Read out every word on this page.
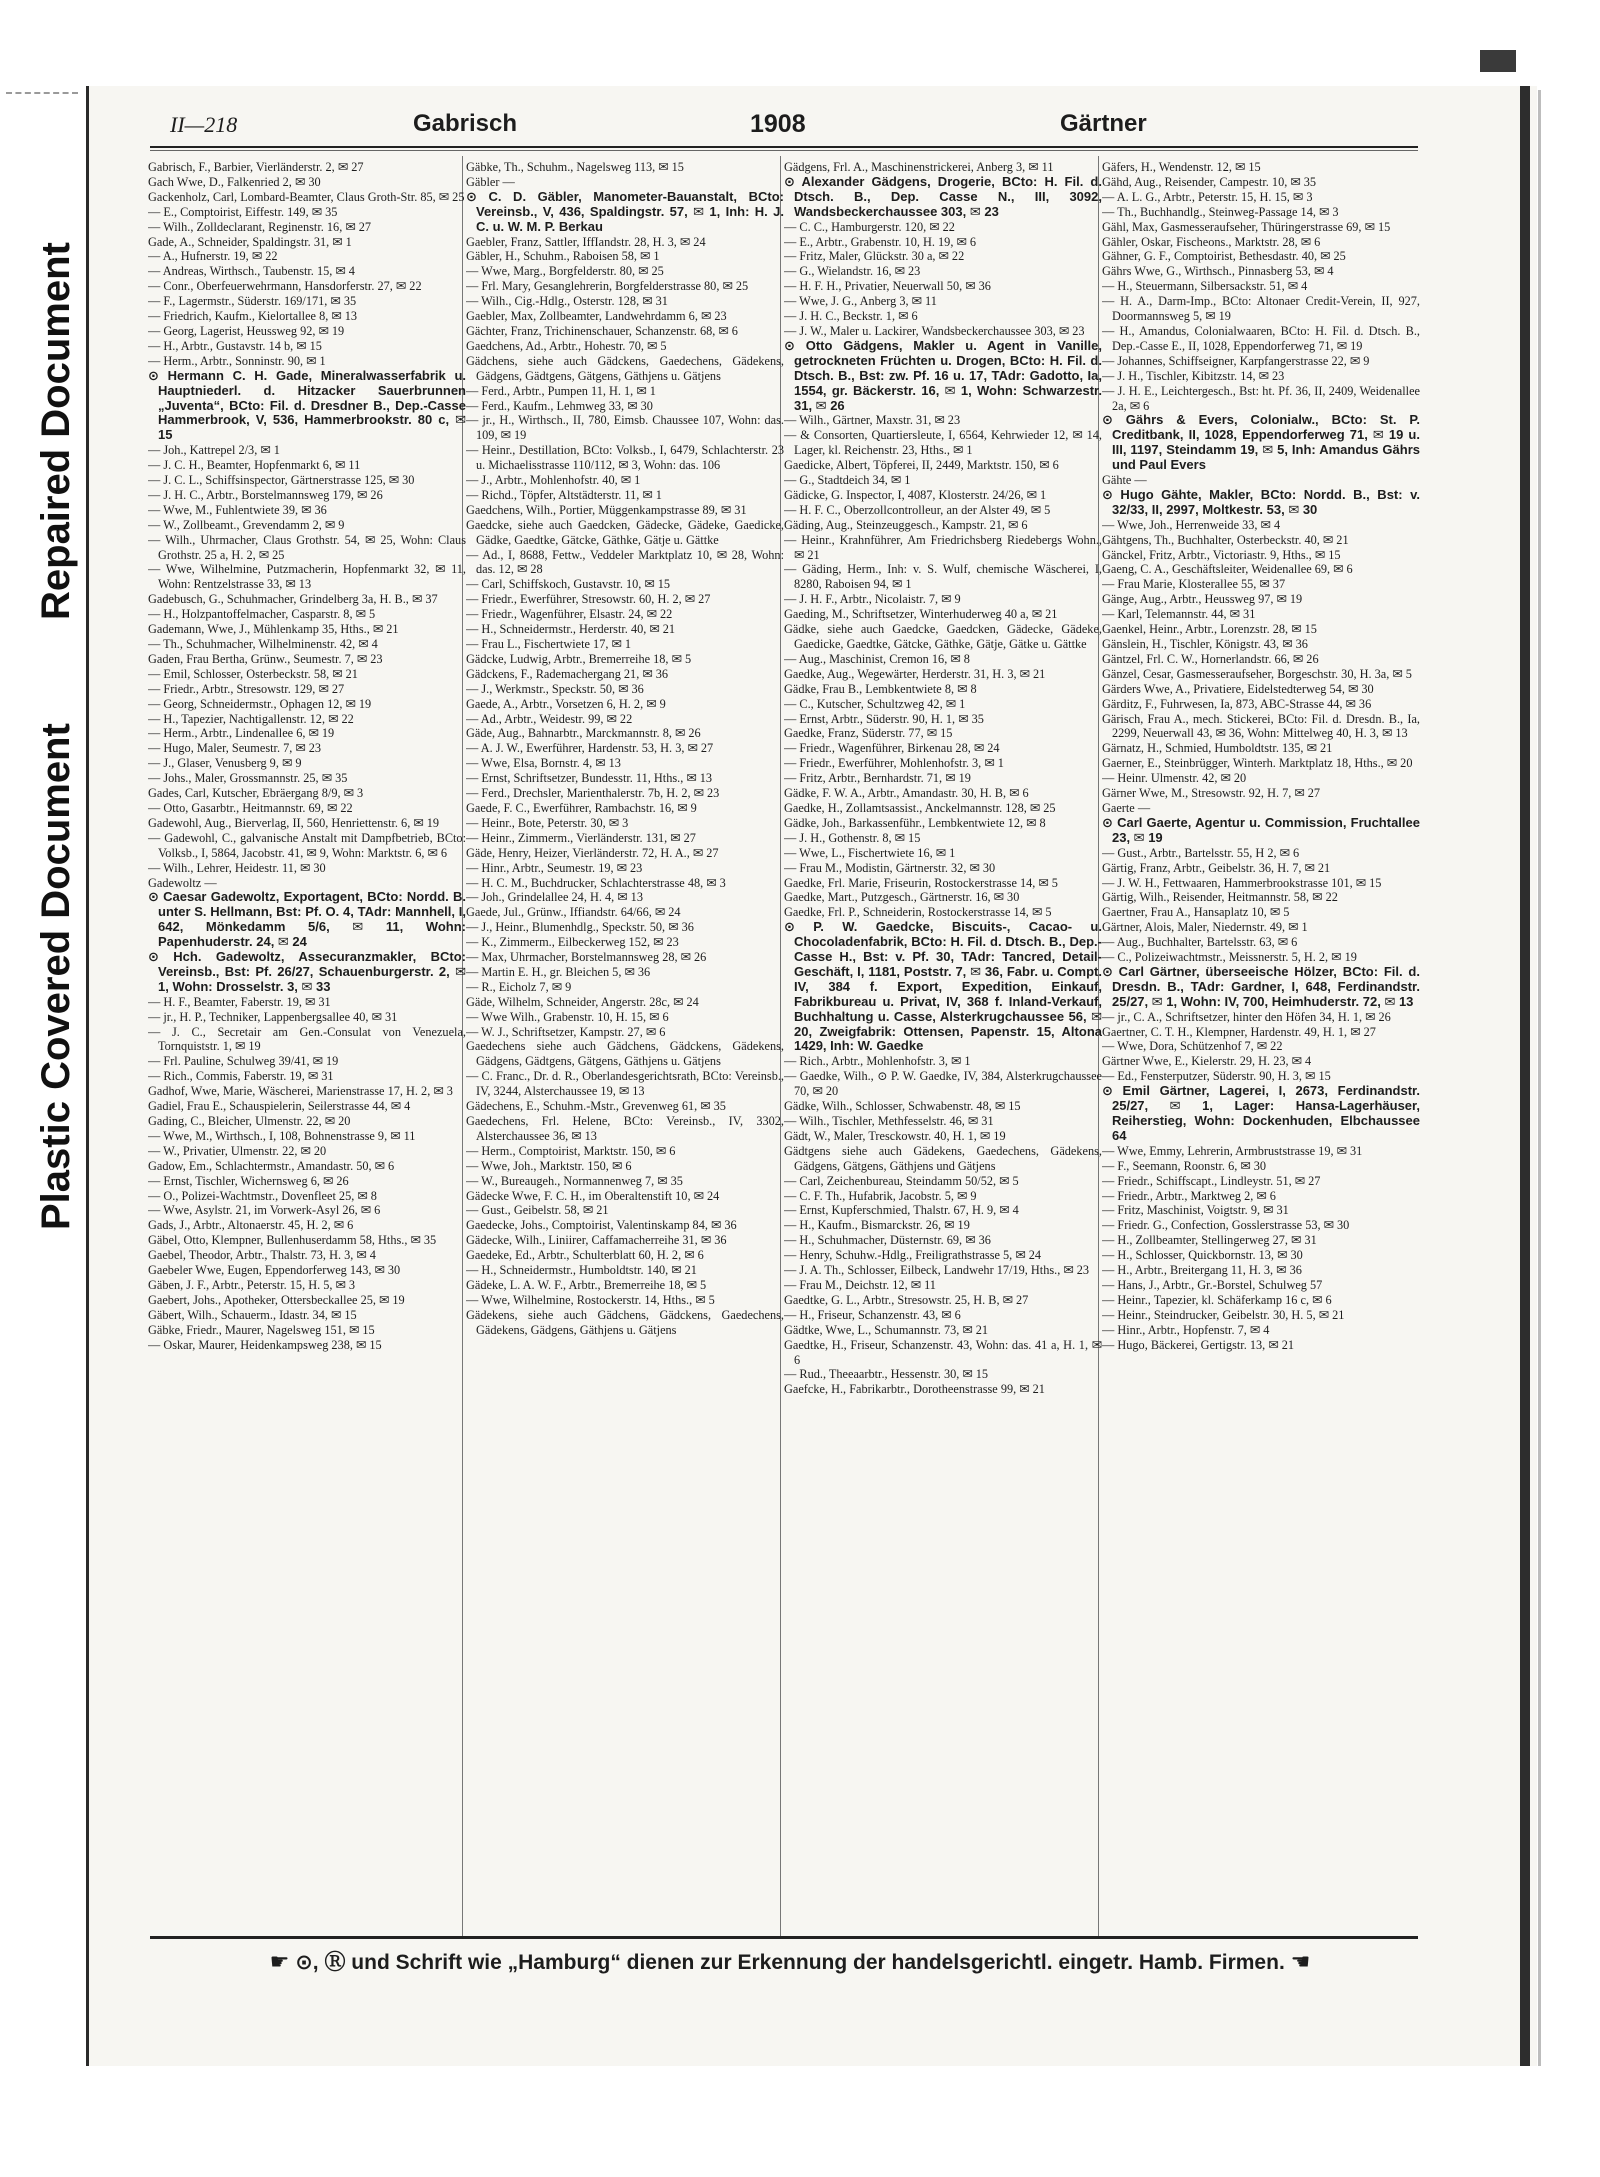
Repaired Document
Plastic Covered Document
II—218	Gabrisch	1908	Gärtner

Gabrisch, F., Barbier, Vierländerstr. 2, ✉ 27

Gach Wwe, D., Falkenried 2, ✉ 30

Gackenholz, Carl, Lombard-Beamter, Claus Groth-Str. 85, ✉ 25

— E., Comptoirist, Eiffestr. 149, ✉ 35

— Wilh., Zolldeclarant, Reginenstr. 16, ✉ 27

Gade, A., Schneider, Spaldingstr. 31, ✉ 1

— A., Hufnerstr. 19, ✉ 22

— Andreas, Wirthsch., Taubenstr. 15, ✉ 4

— Conr., Oberfeuerwehrmann, Hansdorferstr. 27, ✉ 22

— F., Lagermstr., Süderstr. 169/171, ✉ 35

— Friedrich, Kaufm., Kielortallee 8, ✉ 13

— Georg, Lagerist, Heussweg 92, ✉ 19

— H., Arbtr., Gustavstr. 14 b, ✉ 15

— Herm., Arbtr., Sonninstr. 90, ✉ 1

⊙ Hermann C. H. Gade, Mineralwasserfabrik u. Hauptniederl. d. Hitzacker Sauerbrunnen „Juventa“, BCto: Fil. d. Dresdner B., Dep.-Casse Hammerbrook, V, 536, Hammerbrookstr. 80 c, ✉ 15

— Joh., Kattrepel 2/3, ✉ 1

— J. C. H., Beamter, Hopfenmarkt 6, ✉ 11

— J. C. L., Schiffsinspector, Gärtnerstrasse 125, ✉ 30

— J. H. C., Arbtr., Borstelmannsweg 179, ✉ 26

— Wwe, M., Fuhlentwiete 39, ✉ 36

— W., Zollbeamt., Grevendamm 2, ✉ 9

— Wilh., Uhrmacher, Claus Grothstr. 54, ✉ 25, Wohn: Claus Grothstr. 25 a, H. 2, ✉ 25

— Wwe, Wilhelmine, Putzmacherin, Hopfenmarkt 32, ✉ 11, Wohn: Rentzelstrasse 33, ✉ 13

Gadebusch, G., Schuhmacher, Grindelberg 3a, H. B., ✉ 37

— H., Holzpantoffelmacher, Casparstr. 8, ✉ 5

Gademann, Wwe, J., Mühlenkamp 35, Hths., ✉ 21

— Th., Schuhmacher, Wilhelminenstr. 42, ✉ 4

Gaden, Frau Bertha, Grünw., Seumestr. 7, ✉ 23

— Emil, Schlosser, Osterbeckstr. 58, ✉ 21

— Friedr., Arbtr., Stresowstr. 129, ✉ 27

— Georg, Schneidermstr., Ophagen 12, ✉ 19

— H., Tapezier, Nachtigallenstr. 12, ✉ 22

— Herm., Arbtr., Lindenallee 6, ✉ 19

— Hugo, Maler, Seumestr. 7, ✉ 23

— J., Glaser, Venusberg 9, ✉ 9

— Johs., Maler, Grossmannstr. 25, ✉ 35

Gades, Carl, Kutscher, Ebräergang 8/9, ✉ 3

— Otto, Gasarbtr., Heitmannstr. 69, ✉ 22

Gadewohl, Aug., Bierverlag, II, 560, Henriettenstr. 6, ✉ 19

— Gadewohl, C., galvanische Anstalt mit Dampfbetrieb, BCto: Volksb., I, 5864, Jacobstr. 41, ✉ 9, Wohn: Marktstr. 6, ✉ 6

— Wilh., Lehrer, Heidestr. 11, ✉ 30

Gadewoltz —

⊙ Caesar Gadewoltz, Exportagent, BCto: Nordd. B. unter S. Hellmann, Bst: Pf. O. 4, TAdr: Mannhell, I, 642, Mönkedamm 5/6, ✉ 11, Wohn: Papenhuderstr. 24, ✉ 24

⊙ Hch. Gadewoltz, Assecuranzmakler, BCto: Vereinsb., Bst: Pf. 26/27, Schauenburgerstr. 2, ✉ 1, Wohn: Drosselstr. 3, ✉ 33

— H. F., Beamter, Faberstr. 19, ✉ 31

— jr., H. P., Techniker, Lappenbergsallee 40, ✉ 31

— J. C., Secretair am Gen.-Consulat von Venezuela, Tornquiststr. 1, ✉ 19

— Frl. Pauline, Schulweg 39/41, ✉ 19

— Rich., Commis, Faberstr. 19, ✉ 31

Gadhof, Wwe, Marie, Wäscherei, Marienstrasse 17, H. 2, ✉ 3

Gadiel, Frau E., Schauspielerin, Seilerstrasse 44, ✉ 4

Gading, C., Bleicher, Ulmenstr. 22, ✉ 20

— Wwe, M., Wirthsch., I, 108, Bohnenstrasse 9, ✉ 11

— W., Privatier, Ulmenstr. 22, ✉ 20

Gadow, Em., Schlachtermstr., Amandastr. 50, ✉ 6

— Ernst, Tischler, Wichernsweg 6, ✉ 26

— O., Polizei-Wachtmstr., Dovenfleet 25, ✉ 8

— Wwe, Asylstr. 21, im Vorwerk-Asyl 26, ✉ 6

Gads, J., Arbtr., Altonaerstr. 45, H. 2, ✉ 6

Gäbel, Otto, Klempner, Bullenhuserdamm 58, Hths., ✉ 35

Gaebel, Theodor, Arbtr., Thalstr. 73, H. 3, ✉ 4

Gaebeler Wwe, Eugen, Eppendorferweg 143, ✉ 30

Gäben, J. F., Arbtr., Peterstr. 15, H. 5, ✉ 3

Gaebert, Johs., Apotheker, Ottersbeckallee 25, ✉ 19

Gäbert, Wilh., Schauerm., Idastr. 34, ✉ 15

Gäbke, Friedr., Maurer, Nagelsweg 151, ✉ 15

— Oskar, Maurer, Heidenkampsweg 238, ✉ 15

Gäbke, Th., Schuhm., Nagelsweg 113, ✉ 15

Gäbler —

⊙ C. D. Gäbler, Manometer-Bauanstalt, BCto: Vereinsb., V, 436, Spaldingstr. 57, ✉ 1, Inh: H. J. C. u. W. M. P. Berkau

Gaebler, Franz, Sattler, IffIandstr. 28, H. 3, ✉ 24

Gäbler, H., Schuhm., Raboisen 58, ✉ 1

— Wwe, Marg., Borgfelderstr. 80, ✉ 25

— Frl. Mary, Gesanglehrerin, Borgfelderstrasse 80, ✉ 25

— Wilh., Cig.-Hdlg., Osterstr. 128, ✉ 31

Gaebler, Max, Zollbeamter, Landwehrdamm 6, ✉ 23

Gächter, Franz, Trichinenschauer, Schanzenstr. 68, ✉ 6

Gaedchens, Ad., Arbtr., Hohestr. 70, ✉ 5

Gädchens, siehe auch Gädckens, Gaedechens, Gädekens, Gädgens, Gädtgens, Gätgens, Gäthjens u. Gätjens

— Ferd., Arbtr., Pumpen 11, H. 1, ✉ 1

— Ferd., Kaufm., Lehmweg 33, ✉ 30

— jr., H., Wirthsch., II, 780, Eimsb. Chaussee 107, Wohn: das. 109, ✉ 19

— Heinr., Destillation, BCto: Volksb., I, 6479, Schlachterstr. 23 u. Michaelisstrasse 110/112, ✉ 3, Wohn: das. 106

— J., Arbtr., Mohlenhofstr. 40, ✉ 1

— Richd., Töpfer, Altstädterstr. 11, ✉ 1

Gaedchens, Wilh., Portier, Müggenkampstrasse 89, ✉ 31

Gaedcke, siehe auch Gaedcken, Gädecke, Gädeke, Gaedicke, Gädke, Gaedtke, Gätcke, Gäthke, Gätje u. Gättke

— Ad., I, 8688, Fettw., Veddeler Marktplatz 10, ✉ 28, Wohn: das. 12, ✉ 28

— Carl, Schiffskoch, Gustavstr. 10, ✉ 15

— Friedr., Ewerführer, Stresowstr. 60, H. 2, ✉ 27

— Friedr., Wagenführer, Elsastr. 24, ✉ 22

— H., Schneidermstr., Herderstr. 40, ✉ 21

— Frau L., Fischertwiete 17, ✉ 1

Gädcke, Ludwig, Arbtr., Bremerreihe 18, ✉ 5

Gädckens, F., Rademachergang 21, ✉ 36

— J., Werkmstr., Speckstr. 50, ✉ 36

Gaede, A., Arbtr., Vorsetzen 6, H. 2, ✉ 9

— Ad., Arbtr., Weidestr. 99, ✉ 22

Gäde, Aug., Bahnarbtr., Marckmannstr. 8, ✉ 26

— A. J. W., Ewerführer, Hardenstr. 53, H. 3, ✉ 27

— Wwe, Elsa, Bornstr. 4, ✉ 13

— Ernst, Schriftsetzer, Bundesstr. 11, Hths., ✉ 13

— Ferd., Drechsler, Marienthalerstr. 7b, H. 2, ✉ 23

Gaede, F. C., Ewerführer, Rambachstr. 16, ✉ 9

— Heinr., Bote, Peterstr. 30, ✉ 3

— Heinr., Zimmerm., Vierländerstr. 131, ✉ 27

Gäde, Henry, Heizer, Vierländerstr. 72, H. A., ✉ 27

— Hinr., Arbtr., Seumestr. 19, ✉ 23

— H. C. M., Buchdrucker, Schlachterstrasse 48, ✉ 3

— Joh., Grindelallee 24, H. 4, ✉ 13

Gaede, Jul., Grünw., Iffiandstr. 64/66, ✉ 24

— J., Heinr., Blumenhdlg., Speckstr. 50, ✉ 36

— K., Zimmerm., Eilbeckerweg 152, ✉ 23

— Max, Uhrmacher, Borstelmannsweg 28, ✉ 26

— Martin E. H., gr. Bleichen 5, ✉ 36

— R., Eicholz 7, ✉ 9

Gäde, Wilhelm, Schneider, Angerstr. 28c, ✉ 24

— Wwe Wilh., Grabenstr. 10, H. 15, ✉ 6

— W. J., Schriftsetzer, Kampstr. 27, ✉ 6

Gaedechens siehe auch Gädchens, Gädckens, Gädekens, Gädgens, Gädtgens, Gätgens, Gäthjens u. Gätjens

— C. Franc., Dr. d. R., Oberlandesgerichtsrath, BCto: Vereinsb., IV, 3244, Alsterchaussee 19, ✉ 13

Gädechens, E., Schuhm.-Mstr., Grevenweg 61, ✉ 35

Gaedechens, Frl. Helene, BCto: Vereinsb., IV, 3302, Alsterchaussee 36, ✉ 13

— Herm., Comptoirist, Marktstr. 150, ✉ 6

— Wwe, Joh., Marktstr. 150, ✉ 6

— W., Bureaugeh., Normannenweg 7, ✉ 35

Gädecke Wwe, F. C. H., im Oberaltenstift 10, ✉ 24

— Gust., Geibelstr. 58, ✉ 21

Gaedecke, Johs., Comptoirist, Valentinskamp 84, ✉ 36

Gädecke, Wilh., Liniirer, Caffamacherreihe 31, ✉ 36

Gaedeke, Ed., Arbtr., Schulterblatt 60, H. 2, ✉ 6

— H., Schneidermstr., Humboldtstr. 140, ✉ 21

Gädeke, L. A. W. F., Arbtr., Bremerreihe 18, ✉ 5

— Wwe, Wilhelmine, Rostockerstr. 14, Hths., ✉ 5

Gädekens, siehe auch Gädchens, Gädckens, Gaedechens, Gädekens, Gädgens, Gäthjens u. Gätjens

Gädgens, Frl. A., Maschinenstrickerei, Anberg 3, ✉ 11

⊙ Alexander Gädgens, Drogerie, BCto: H. Fil. d. Dtsch. B., Dep. Casse N., III, 3092, Wandsbeckerchaussee 303, ✉ 23

— C. C., Hamburgerstr. 120, ✉ 22

— E., Arbtr., Grabenstr. 10, H. 19, ✉ 6

— Fritz, Maler, Glückstr. 30 a, ✉ 22

— G., Wielandstr. 16, ✉ 23

— H. F. H., Privatier, Neuerwall 50, ✉ 36

— Wwe, J. G., Anberg 3, ✉ 11

— J. H. C., Beckstr. 1, ✉ 6

— J. W., Maler u. Lackirer, Wandsbeckerchaussee 303, ✉ 23

⊙ Otto Gädgens, Makler u. Agent in Vanille, getrockneten Früchten u. Drogen, BCto: H. Fil. d. Dtsch. B., Bst: zw. Pf. 16 u. 17, TAdr: Gadotto, Ia, 1554, gr. Bäckerstr. 16, ✉ 1, Wohn: Schwarzestr. 31, ✉ 26

— Wilh., Gärtner, Maxstr. 31, ✉ 23

— & Consorten, Quartiersleute, I, 6564, Kehrwieder 12, ✉ 14, Lager, kl. Reichenstr. 23, Hths., ✉ 1

Gaedicke, Albert, Töpferei, II, 2449, Marktstr. 150, ✉ 6

— G., Stadtdeich 34, ✉ 1

Gädicke, G. Inspector, I, 4087, Klosterstr. 24/26, ✉ 1

— H. F. C., Oberzollcontrolleur, an der Alster 49, ✉ 5

Gäding, Aug., Steinzeuggesch., Kampstr. 21, ✉ 6

— Heinr., Krahnführer, Am Friedrichsberg Riedebergs Wohn., ✉ 21

— Gäding, Herm., Inh: v. S. Wulf, chemische Wäscherei, I, 8280, Raboisen 94, ✉ 1

— J. H. F., Arbtr., Nicolaistr. 7, ✉ 9

Gaeding, M., Schriftsetzer, Winterhuderweg 40 a, ✉ 21

Gädke, siehe auch Gaedcke, Gaedcken, Gädecke, Gädeke, Gaedicke, Gaedtke, Gätcke, Gäthke, Gätje, Gätke u. Gättke

— Aug., Maschinist, Cremon 16, ✉ 8

Gaedke, Aug., Wegewärter, Herderstr. 31, H. 3, ✉ 21

Gädke, Frau B., Lembkentwiete 8, ✉ 8

— C., Kutscher, Schultzweg 42, ✉ 1

— Ernst, Arbtr., Süderstr. 90, H. 1, ✉ 35

Gaedke, Franz, Süderstr. 77, ✉ 15

— Friedr., Wagenführer, Birkenau 28, ✉ 24

— Friedr., Ewerführer, Mohlenhofstr. 3, ✉ 1

— Fritz, Arbtr., Bernhardstr. 71, ✉ 19

Gädke, F. W. A., Arbtr., Amandastr. 30, H. B, ✉ 6

Gaedke, H., Zollamtsassist., Anckelmannstr. 128, ✉ 25

Gädke, Joh., Barkassenführ., Lembkentwiete 12, ✉ 8

— J. H., Gothenstr. 8, ✉ 15

— Wwe, L., Fischertwiete 16, ✉ 1

— Frau M., Modistin, Gärtnerstr. 32, ✉ 30

Gaedke, Frl. Marie, Friseurin, Rostockerstrasse 14, ✉ 5

Gaedke, Mart., Putzgesch., Gärtnerstr. 16, ✉ 30

Gaedke, Frl. P., Schneiderin, Rostockerstrasse 14, ✉ 5

⊙ P. W. Gaedcke, Biscuits-, Cacao- u. Chocoladenfabrik, BCto: H. Fil. d. Dtsch. B., Dep.-Casse H., Bst: v. Pf. 30, TAdr: Tancred, Detail-Geschäft, I, 1181, Poststr. 7, ✉ 36, Fabr. u. Compt. IV, 384 f. Export, Expedition, Einkauf, Fabrikbureau u. Privat, IV, 368 f. Inland-Verkauf, Buchhaltung u. Casse, Alsterkrugchaussee 56, ✉ 20, Zweigfabrik: Ottensen, Papenstr. 15, Altona 1429, Inh: W. Gaedke

— Rich., Arbtr., Mohlenhofstr. 3, ✉ 1

— Gaedke, Wilh., ⊙ P. W. Gaedke, IV, 384, Alsterkrugchaussee 70, ✉ 20

Gädke, Wilh., Schlosser, Schwabenstr. 48, ✉ 15

— Wilh., Tischler, Methfesselstr. 46, ✉ 31

Gädt, W., Maler, Tresckowstr. 40, H. 1, ✉ 19

Gädtgens siehe auch Gädekens, Gaedechens, Gädekens, Gädgens, Gätgens, Gäthjens und Gätjens

— Carl, Zeichenbureau, Steindamm 50/52, ✉ 5

— C. F. Th., Hufabrik, Jacobstr. 5, ✉ 9

— Ernst, Kupferschmied, Thalstr. 67, H. 9, ✉ 4

— H., Kaufm., Bismarckstr. 26, ✉ 19

— H., Schuhmacher, Düsternstr. 69, ✉ 36

— Henry, Schuhw.-Hdlg., Freiligrathstrasse 5, ✉ 24

— J. A. Th., Schlosser, Eilbeck, Landwehr 17/19, Hths., ✉ 23

— Frau M., Deichstr. 12, ✉ 11

Gaedtke, G. L., Arbtr., Stresowstr. 25, H. B, ✉ 27

— H., Friseur, Schanzenstr. 43, ✉ 6

Gädtke, Wwe, L., Schumannstr. 73, ✉ 21

Gaedtke, H., Friseur, Schanzenstr. 43, Wohn: das. 41 a, H. 1, ✉ 6

— Rud., Theeaarbtr., Hessenstr. 30, ✉ 15

Gaefcke, H., Fabrikarbtr., Dorotheenstrasse 99, ✉ 21

Gäfers, H., Wendenstr. 12, ✉ 15

Gähd, Aug., Reisender, Campestr. 10, ✉ 35

— A. L. G., Arbtr., Peterstr. 15, H. 15, ✉ 3

— Th., Buchhandlg., Steinweg-Passage 14, ✉ 3

Gähl, Max, Gasmesseraufseher, Thüringerstrasse 69, ✉ 15

Gähler, Oskar, Fischeons., Marktstr. 28, ✉ 6

Gähner, G. F., Comptoirist, Bethesdastr. 40, ✉ 25

Gährs Wwe, G., Wirthsch., Pinnasberg 53, ✉ 4

— H., Steuermann, Silbersackstr. 51, ✉ 4

— H. A., Darm-Imp., BCto: Altonaer Credit-Verein, II, 927, Doormannsweg 5, ✉ 19

— H., Amandus, Colonialwaaren, BCto: H. Fil. d. Dtsch. B., Dep.-Casse E., II, 1028, Eppendorferweg 71, ✉ 19

— Johannes, Schiffseigner, Karpfangerstrasse 22, ✉ 9

— J. H., Tischler, Kibitzstr. 14, ✉ 23

— J. H. E., Leichtergesch., Bst: ht. Pf. 36, II, 2409, Weidenallee 2a, ✉ 6

⊙ Gährs & Evers, Colonialw., BCto: St. P. Creditbank, II, 1028, Eppendorferweg 71, ✉ 19 u. III, 1197, Steindamm 19, ✉ 5, Inh: Amandus Gährs und Paul Evers

Gähte —

⊙ Hugo Gähte, Makler, BCto: Nordd. B., Bst: v. 32/33, II, 2997, Moltkestr. 53, ✉ 30

— Wwe, Joh., Herrenweide 33, ✉ 4

Gähtgens, Th., Buchhalter, Osterbeckstr. 40, ✉ 21

Gänckel, Fritz, Arbtr., Victoriastr. 9, Hths., ✉ 15

Gaeng, C. A., Geschäftsleiter, Weidenallee 69, ✉ 6

— Frau Marie, Klosterallee 55, ✉ 37

Gänge, Aug., Arbtr., Heussweg 97, ✉ 19

— Karl, Telemannstr. 44, ✉ 31

Gaenkel, Heinr., Arbtr., Lorenzstr. 28, ✉ 15

Gänslein, H., Tischler, Königstr. 43, ✉ 36

Gäntzel, Frl. C. W., Hornerlandstr. 66, ✉ 26

Gänzel, Cesar, Gasmesseraufseher, Borgeschstr. 30, H. 3a, ✉ 5

Gärders Wwe, A., Privatiere, Eidelstedterweg 54, ✉ 30

Gärditz, F., Fuhrwesen, Ia, 873, ABC-Strasse 44, ✉ 36

Gärisch, Frau A., mech. Stickerei, BCto: Fil. d. Dresdn. B., Ia, 2299, Neuerwall 43, ✉ 36, Wohn: Mittelweg 40, H. 3, ✉ 13

Gärnatz, H., Schmied, Humboldtstr. 135, ✉ 21

Gaerner, E., Steinbrügger, Winterh. Marktplatz 18, Hths., ✉ 20

— Heinr. Ulmenstr. 42, ✉ 20

Gärner Wwe, M., Stresowstr. 92, H. 7, ✉ 27

Gaerte —

⊙ Carl Gaerte, Agentur u. Commission, Fruchtallee 23, ✉ 19

— Gust., Arbtr., Bartelsstr. 55, H 2, ✉ 6

Gärtig, Franz, Arbtr., Geibelstr. 36, H. 7, ✉ 21

— J. W. H., Fettwaaren, Hammerbrookstrasse 101, ✉ 15

Gärtig, Wilh., Reisender, Heitmannstr. 58, ✉ 22

Gaertner, Frau A., Hansaplatz 10, ✉ 5

Gärtner, Alois, Maler, Niedernstr. 49, ✉ 1

— Aug., Buchhalter, Bartelsstr. 63, ✉ 6

— C., Polizeiwachtmstr., Meissnerstr. 5, H. 2, ✉ 19

⊙ Carl Gärtner, überseeische Hölzer, BCto: Fil. d. Dresdn. B., TAdr: Gardner, I, 648, Ferdinandstr. 25/27, ✉ 1, Wohn: IV, 700, Heimhuderstr. 72, ✉ 13

— jr., C. A., Schriftsetzer, hinter den Höfen 34, H. 1, ✉ 26

Gaertner, C. T. H., Klempner, Hardenstr. 49, H. 1, ✉ 27

— Wwe, Dora, Schützenhof 7, ✉ 22

Gärtner Wwe, E., Kielerstr. 29, H. 23, ✉ 4

— Ed., Fensterputzer, Süderstr. 90, H. 3, ✉ 15

⊙ Emil Gärtner, Lagerei, I, 2673, Ferdinandstr. 25/27, ✉ 1, Lager: Hansa-Lagerhäuser, Reiherstieg, Wohn: Dockenhuden, Elbchaussee 64

— Wwe, Emmy, Lehrerin, Armbruststrasse 19, ✉ 31

— F., Seemann, Roonstr. 6, ✉ 30

— Friedr., Schiffscapt., Lindleystr. 51, ✉ 27

— Friedr., Arbtr., Marktweg 2, ✉ 6

— Fritz, Maschinist, Voigtstr. 9, ✉ 31

— Friedr. G., Confection, Gosslerstrasse 53, ✉ 30

— H., Zollbeamter, Stellingerweg 27, ✉ 31

— H., Schlosser, Quickbornstr. 13, ✉ 30

— H., Arbtr., Breitergang 11, H. 3, ✉ 36

— Hans, J., Arbtr., Gr.-Borstel, Schulweg 57

— Heinr., Tapezier, kl. Schäferkamp 16 c, ✉ 6

— Heinr., Steindrucker, Geibelstr. 30, H. 5, ✉ 21

— Hinr., Arbtr., Hopfenstr. 7, ✉ 4

— Hugo, Bäckerei, Gertigstr. 13, ✉ 21

☛ ⊙, Ⓡ und Schrift wie „Hamburg“ dienen zur Erkennung der handelsgerichtl. eingetr. Hamb. Firmen. ☚
